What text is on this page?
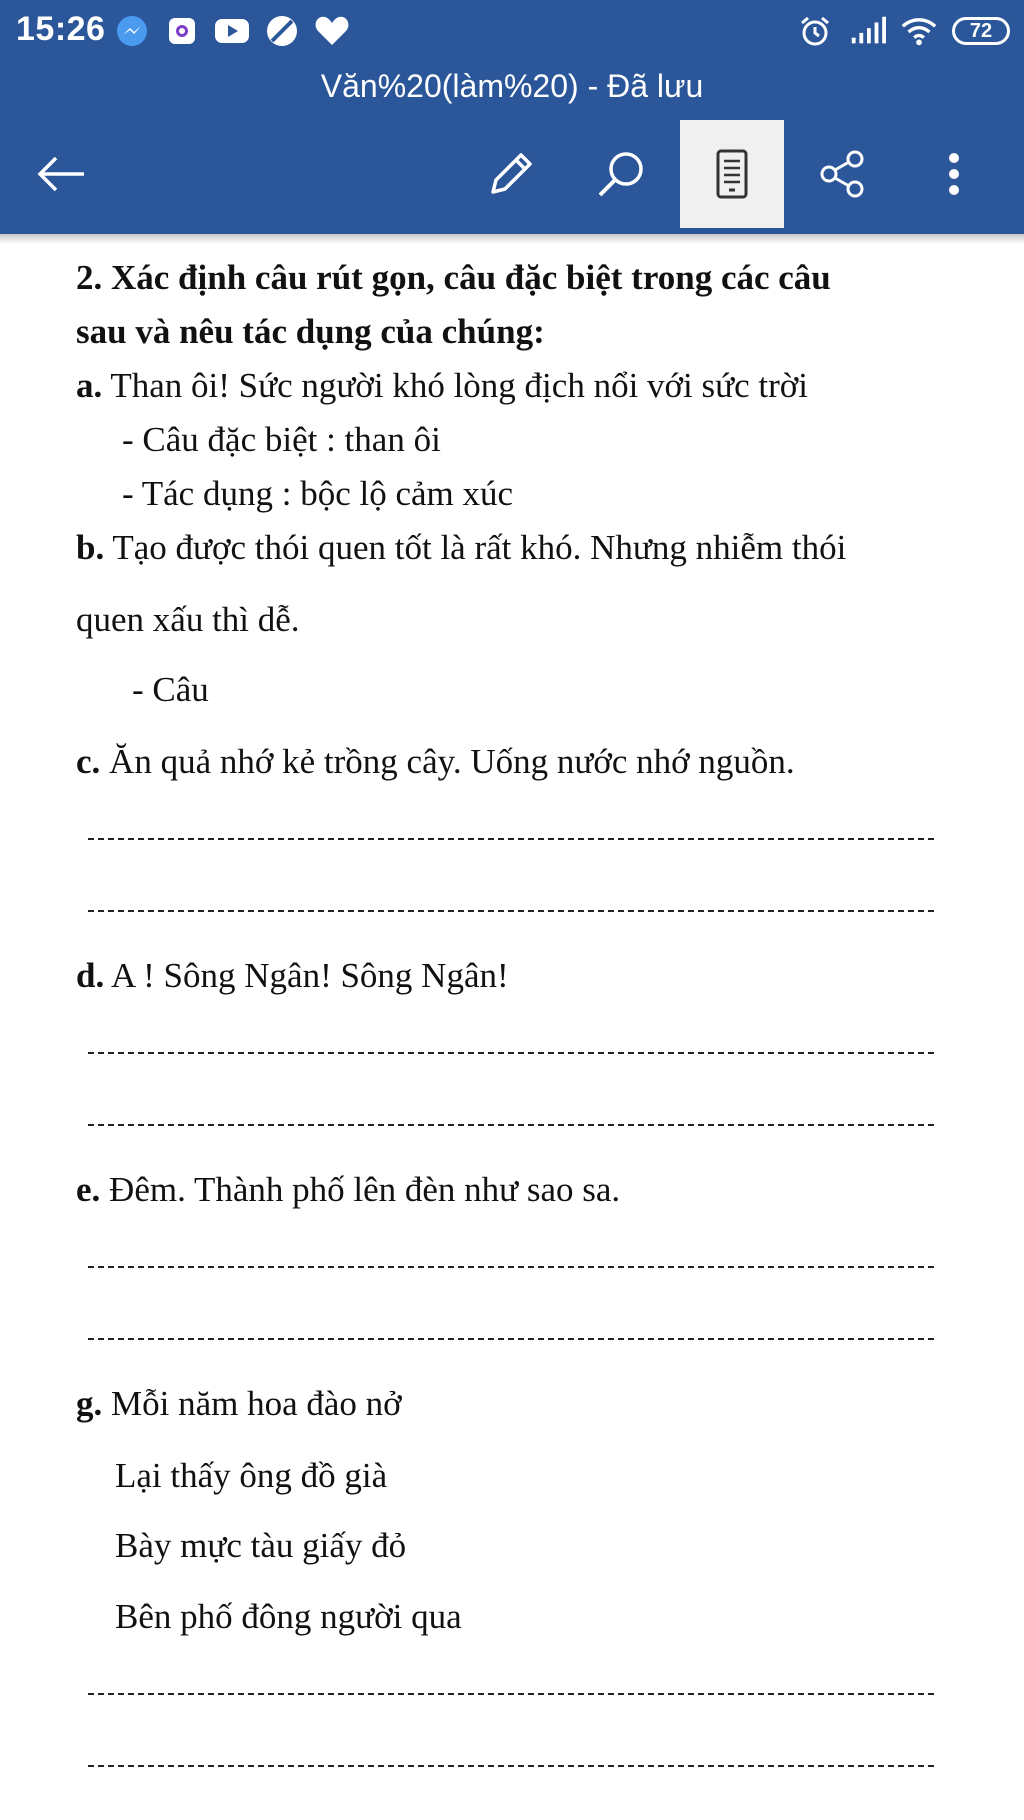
15:26	72
Văn%20(làm%20) - Đã lưu
2. Xác định câu rút gọn, câu đặc biệt trong các câu
sau và nêu tác dụng của chúng:
a. Than ôi! Sức người khó lòng địch nổi với sức trời
- Câu đặc biệt : than ôi
- Tác dụng : bộc lộ cảm xúc
b. Tạo được thói quen tốt là rất khó. Nhưng nhiễm thói
quen xấu thì dễ.
- Câu
c. Ăn quả nhớ kẻ trồng cây. Uống nước nhớ nguồn.
d. A ! Sông Ngân! Sông Ngân!
e. Đêm. Thành phố lên đèn như sao sa.
g. Mỗi năm hoa đào nở
Lại thấy ông đồ già
Bày mực tàu giấy đỏ
Bên phố đông người qua
